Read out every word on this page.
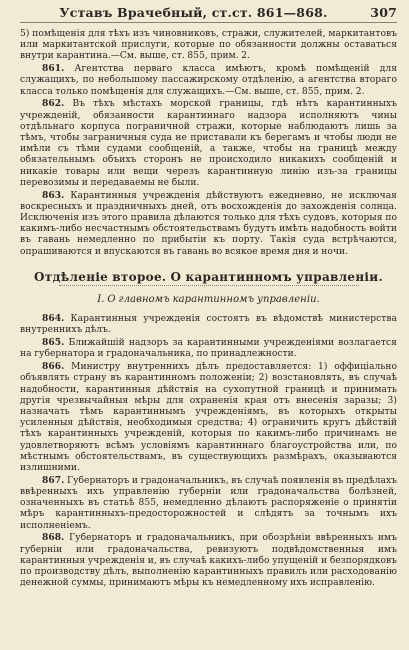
Уставъ Врачебный, ст.ст. 861—868.	307

5) помѣщенія для тѣхъ изъ чиновниковъ, стражи, служителей, маркитантовъ или маркитантской прислуги, которые по обязанности должны оставаться внутри карантина.—См. выше, ст. 855, прим. 2.

861. Агентства перваго класса имѣютъ, кромѣ помѣщеній для служащихъ, по небольшому пассажирскому отдѣленію, а агентства втораго класса только помѣщенія для служащихъ.—См. выше, ст. 855, прим. 2.

862. Въ тѣхъ мѣстахъ морской границы, гдѣ нѣтъ карантинныхъ учрежденій, обязанности карантиннаго надзора исполняютъ чины отдѣльнаго корпуса пограничной стражи, которые наблюдаютъ лишь за тѣмъ, чтобы заграничныя суда не приставали къ берегамъ и чтобы люди не имѣли съ тѣми судами сообщеній, а также, чтобы на границѣ между обязательнымъ объихъ сторонъ не происходило никакихъ сообщеній и никакіе товары или вещи черезъ карантинную линію изъ-за границы перевозимы и передаваемы не были.

863. Карантинныя учрежденія дѣйствуютъ ежедневно, не исключая воскресныхъ и праздничныхъ дней, отъ восхожденія до захожденія солнца. Исключенія изъ этого правила дѣлаются только для тѣхъ судовъ, которыя по какимъ-либо несчастнымъ обстоятельствамъ будутъ имѣть надобность войти въ гавань немедленно по прибытіи къ порту. Такія суда встрѣчаются, опрашиваются и впускаются въ гавань во всякое время дня и ночи.

Отдѣленіе второе. О карантинномъ управленіи.
I. О главномъ карантинномъ управленіи.

864. Карантинныя учрежденія состоятъ въ вѣдомствѣ министерства внутреннихъ дѣлъ.

865. Ближайшій надзоръ за карантинными учрежденіями возлагается на губернатора и градоначальника, по принадлежности.

866. Министру внутреннихъ дѣлъ предоставляется: 1) оффиціально объявлять страну въ карантинномъ положеніи; 2) возстановлять, въ случаѣ надобности, карантинныя дѣйствія на сухопутной границѣ и принимать другія чрезвычайныя мѣры для охраненія края отъ внесенія заразы; 3) назначать тѣмъ карантиннымъ учрежденіямъ, въ которыхъ открыты усиленныя дѣйствія, необходимыя средства; 4) ограничить кругъ дѣйствій тѣхъ карантинныхъ учрежденій, которыя по какимъ-либо причинамъ не удовлетворяютъ всѣмъ условіямъ карантиннаго благоустройства или, по мѣстнымъ обстоятельствамъ, въ существующихъ размѣрахъ, оказываются излишними.

867. Губернаторъ и градоначальникъ, въ случаѣ появленія въ предѣлахъ ввѣренныхъ ихъ управленію губерніи или градоначальства болѣзней, означенныхъ въ статьѣ 855, немедленно дѣлаютъ распоряженіе о принятіи мѣръ карантинныхъ-предосторожностей и слѣдятъ за точнымъ ихъ исполненіемъ.

868. Губернаторъ и градоначальникъ, при обозрѣніи ввѣренныхъ имъ губерніи или градоначальства, ревизуютъ подвѣдомственныя имъ карантинныя учрежденія и, въ случаѣ какихъ-либо упущеній и безпорядковъ по производству дѣлъ, выполненію карантинныхъ правилъ или расходованію денежной суммы, принимаютъ мѣры къ немедленному ихъ исправленію.
